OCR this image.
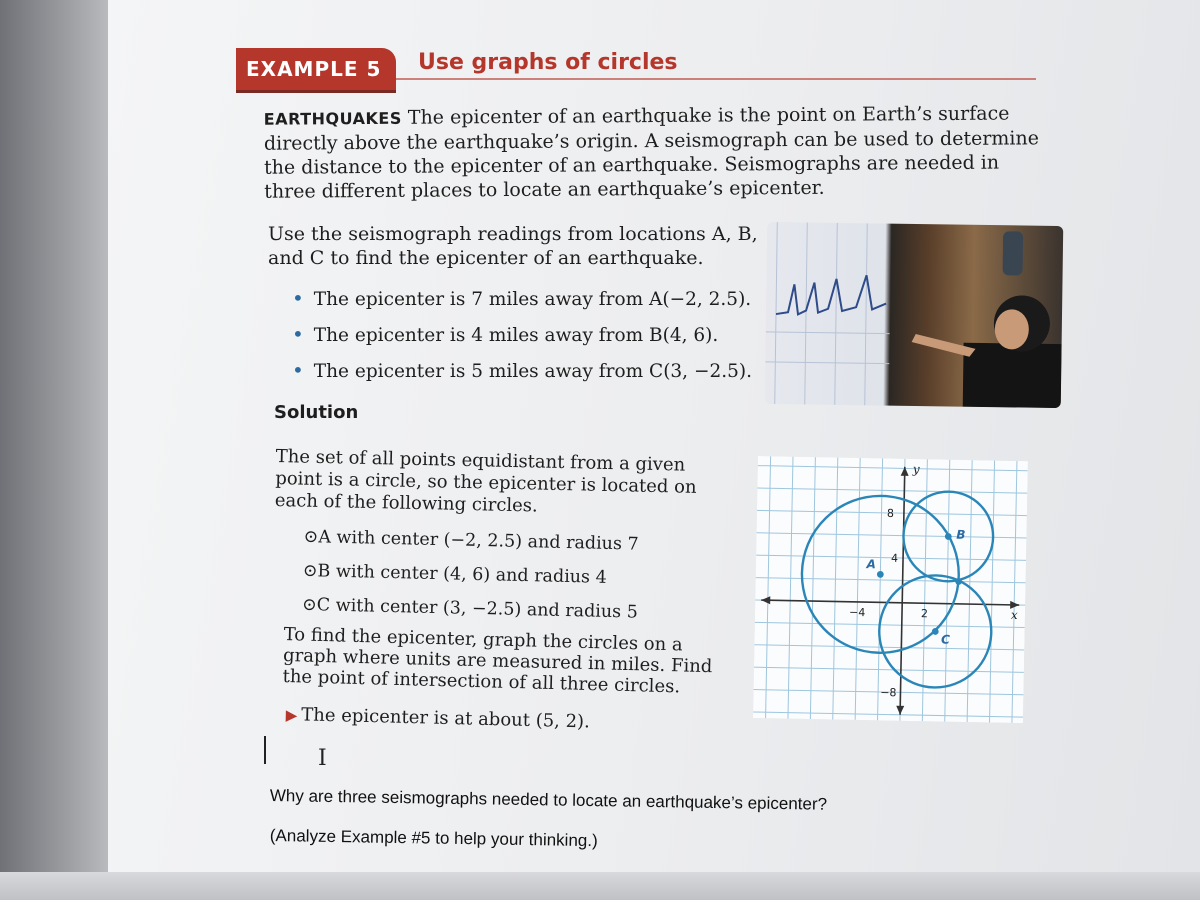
EXAMPLE 5	Use graphs of circles
EARTHQUAKES The epicenter of an earthquake is the point on Earth’s surface directly above the earthquake’s origin. A seismograph can be used to determine the distance to the epicenter of an earthquake. Seismographs are needed in three different places to locate an earthquake’s epicenter.
Use the seismograph readings from locations A, B, and C to find the epicenter of an earthquake.
• The epicenter is 7 miles away from A(−2, 2.5).
• The epicenter is 4 miles away from B(4, 6).
• The epicenter is 5 miles away from C(3, −2.5).
Solution
The set of all points equidistant from a given point is a circle, so the epicenter is located on each of the following circles.
⊙A with center (−2, 2.5) and radius 7
⊙B with center (4, 6) and radius 4
⊙C with center (3, −2.5) and radius 5
To find the epicenter, graph the circles on a graph where units are measured in miles. Find the point of intersection of all three circles.
▶ The epicenter is at about (5, 2).
8
4
−4	2
−8
x
y
A
B
C
I
Why are three seismographs needed to locate an earthquake’s epicenter?
(Analyze Example #5 to help your thinking.)
